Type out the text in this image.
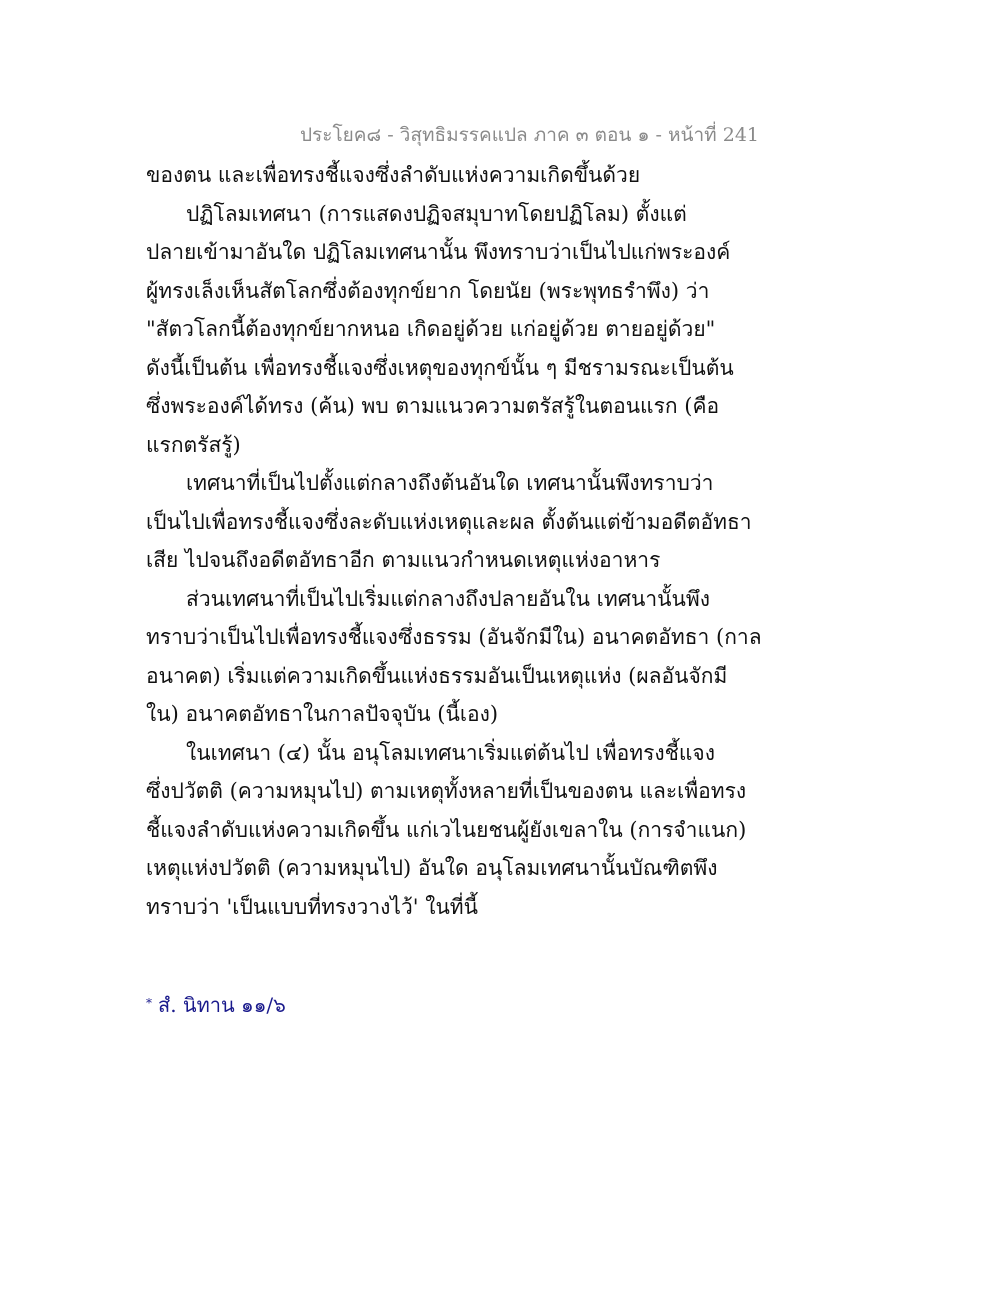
ประโยค๘ - วิสุทธิมรรคแปล ภาค ๓ ตอน ๑ - หน้าที่ 241
ของตน และเพื่อทรงชี้แจงซึ่งลำดับแห่งความเกิดขึ้นด้วย
ปฏิโลมเทศนา (การแสดงปฏิจสมุบาทโดยปฏิโลม) ตั้งแต่
ปลายเข้ามาอันใด ปฏิโลมเทศนานั้น พึงทราบว่าเป็นไปแก่พระองค์
ผู้ทรงเล็งเห็นสัตโลกซึ่งต้องทุกข์ยาก โดยนัย (พระพุทธรำพึง) ว่า
"สัตวโลกนี้ต้องทุกข์ยากหนอ เกิดอยู่ด้วย แก่อยู่ด้วย ตายอยู่ด้วย"
ดังนี้เป็นต้น เพื่อทรงชี้แจงซึ่งเหตุของทุกข์นั้น ๆ มีชรามรณะเป็นต้น
ซึ่งพระองค์ได้ทรง (ค้น) พบ ตามแนวความตรัสรู้ในตอนแรก (คือ
แรกตรัสรู้)
เทศนาที่เป็นไปตั้งแต่กลางถึงต้นอันใด เทศนานั้นพึงทราบว่า
เป็นไปเพื่อทรงชี้แจงซึ่งละดับแห่งเหตุและผล ตั้งต้นแต่ข้ามอดีตอัทธา
เสีย ไปจนถึงอดีตอัทธาอีก ตามแนวกำหนดเหตุแห่งอาหาร
ส่วนเทศนาที่เป็นไปเริ่มแต่กลางถึงปลายอันใน เทศนานั้นพึง
ทราบว่าเป็นไปเพื่อทรงชี้แจงซึ่งธรรม (อันจักมีใน) อนาคตอัทธา (กาล
อนาคต) เริ่มแต่ความเกิดขึ้นแห่งธรรมอันเป็นเหตุแห่ง (ผลอันจักมี
ใน) อนาคตอัทธาในกาลปัจจุบัน (นี้เอง)
ในเทศนา (๔) นั้น อนุโลมเทศนาเริ่มแต่ต้นไป เพื่อทรงชี้แจง
ซึ่งปวัตติ (ความหมุนไป) ตามเหตุทั้งหลายที่เป็นของตน และเพื่อทรง
ชี้แจงลำดับแห่งความเกิดขึ้น แก่เวไนยชนผู้ยังเขลาใน (การจำแนก)
เหตุแห่งปวัตติ (ความหมุนไป) อันใด อนุโลมเทศนานั้นบัณฑิตพึง
ทราบว่า 'เป็นแบบที่ทรงวางไว้' ในที่นี้
* สํ. นิทาน ๑๑/๖
